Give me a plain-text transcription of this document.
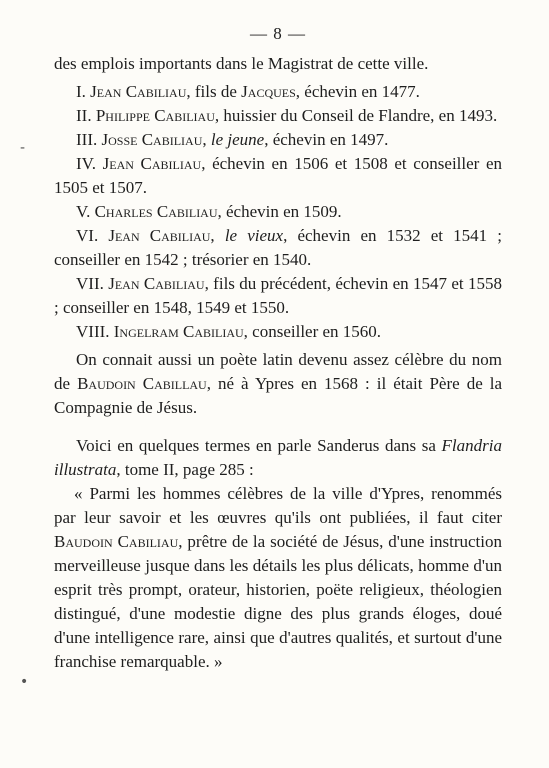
-
•
— 8 —

des emplois importants dans le Magistrat de cette ville.

I. Jean Cabiliau, fils de Jacques, échevin en 1477.

II. Philippe Cabiliau, huissier du Conseil de Flandre, en 1493.

III. Josse Cabiliau, le jeune, échevin en 1497.

IV. Jean Cabiliau, échevin en 1506 et 1508 et conseiller en 1505 et 1507.

V. Charles Cabiliau, échevin en 1509.

VI. Jean Cabiliau, le vieux, échevin en 1532 et 1541 ; conseiller en 1542 ; trésorier en 1540.

VII. Jean Cabiliau, fils du précédent, échevin en 1547 et 1558 ; conseiller en 1548, 1549 et 1550.

VIII. Ingelram Cabiliau, conseiller en 1560.

On connait aussi un poète latin devenu assez célèbre du nom de Baudoin Cabillau, né à Ypres en 1568 : il était Père de la Compagnie de Jésus.

Voici en quelques termes en parle Sanderus dans sa Flandria illustrata, tome II, page 285 :

« Parmi les hommes célèbres de la ville d'Ypres, renommés par leur savoir et les œuvres qu'ils ont publiées, il faut citer Baudoin Cabiliau, prêtre de la société de Jésus, d'une instruction merveilleuse jusque dans les détails les plus délicats, homme d'un esprit très prompt, orateur, historien, poëte religieux, théologien distingué, d'une modestie digne des plus grands éloges, doué d'une intelligence rare, ainsi que d'autres qualités, et surtout d'une franchise remarquable. »
